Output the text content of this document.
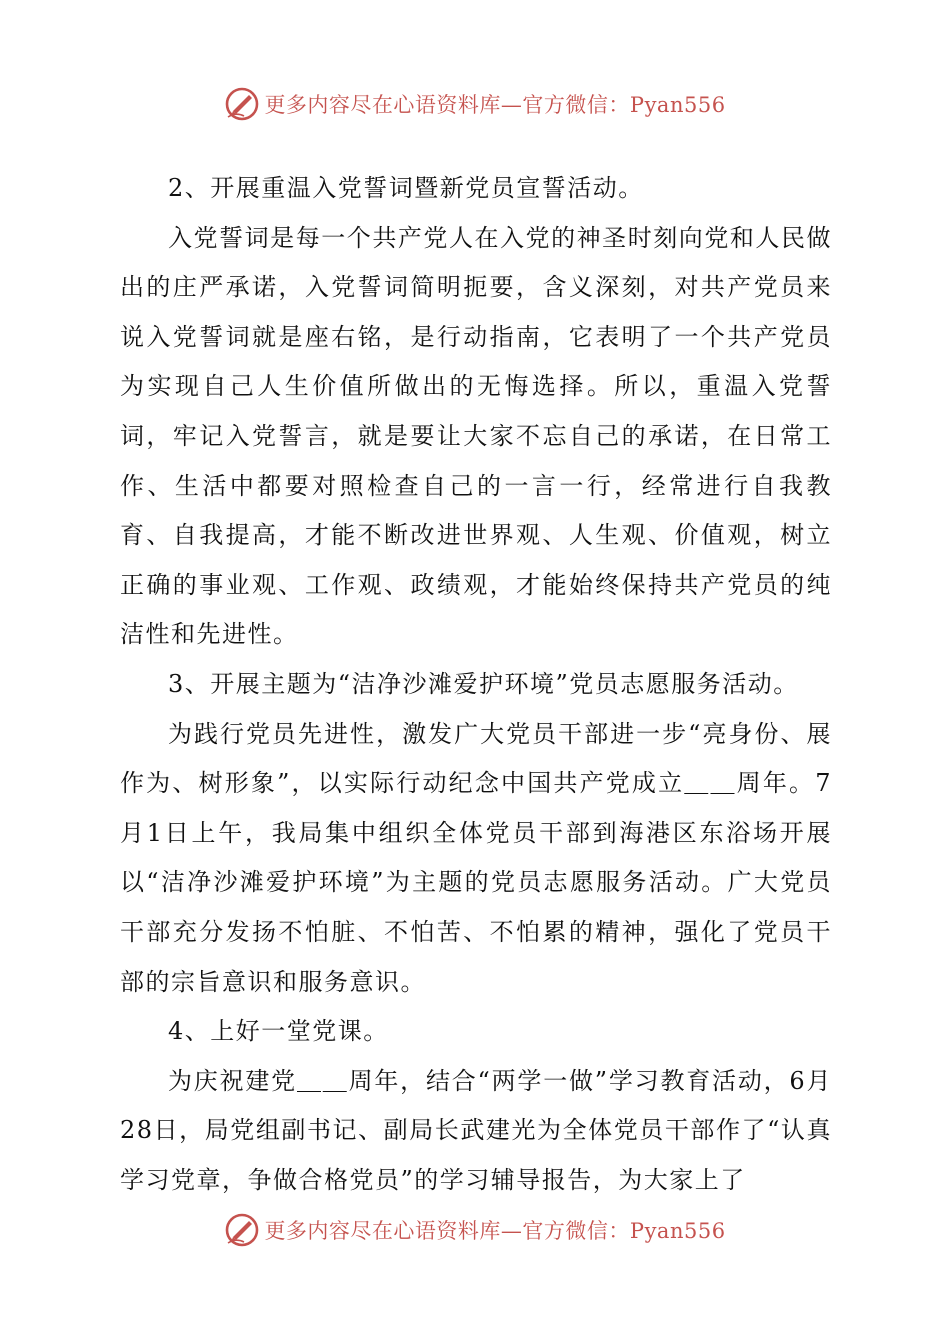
更多内容尽在心语资料库—官方微信：Pyan556

2、开展重温入党誓词暨新党员宣誓活动。

入党誓词是每一个共产党人在入党的神圣时刻向党和人民做出的庄严承诺，入党誓词简明扼要，含义深刻，对共产党员来说入党誓词就是座右铭，是行动指南，它表明了一个共产党员为实现自己人生价值所做出的无悔选择。所以，重温入党誓词，牢记入党誓言，就是要让大家不忘自己的承诺，在日常工作、生活中都要对照检查自己的一言一行，经常进行自我教育、自我提高，才能不断改进世界观、人生观、价值观，树立正确的事业观、工作观、政绩观，才能始终保持共产党员的纯洁性和先进性。

3、开展主题为“洁净沙滩爱护环境”党员志愿服务活动。

为践行党员先进性，激发广大党员干部进一步“亮身份、展作为、树形象”，以实际行动纪念中国共产党成立＿＿周年。7月1日上午，我局集中组织全体党员干部到海港区东浴场开展以“洁净沙滩爱护环境”为主题的党员志愿服务活动。广大党员干部充分发扬不怕脏、不怕苦、不怕累的精神，强化了党员干部的宗旨意识和服务意识。

4、上好一堂党课。

为庆祝建党＿＿周年，结合“两学一做”学习教育活动，6月28日，局党组副书记、副局长武建光为全体党员干部作了“认真学习党章，争做合格党员”的学习辅导报告，为大家上了

更多内容尽在心语资料库—官方微信：Pyan556
